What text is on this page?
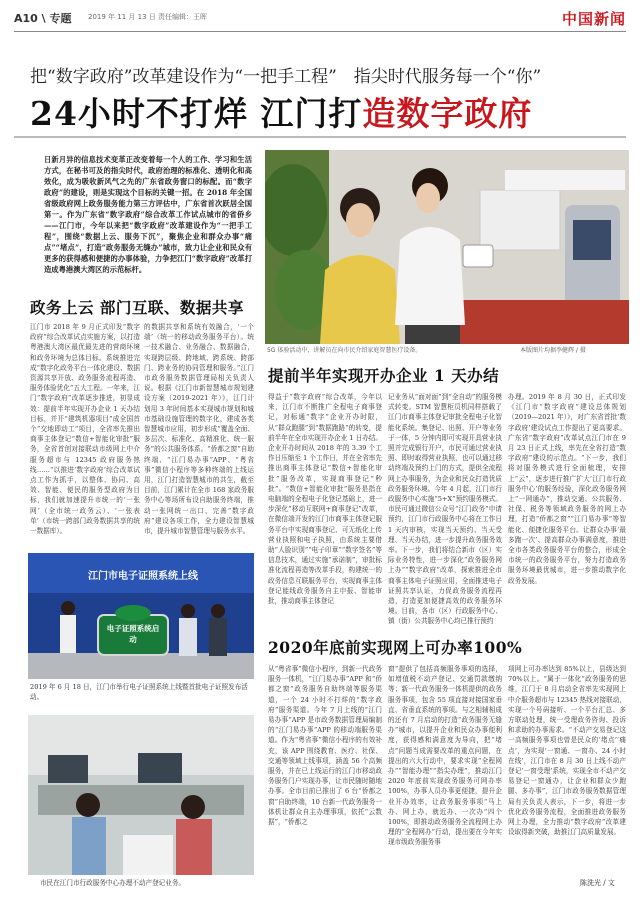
A10 \ 专题 2019 年 11 月 13 日 责任编辑：王晖	中国新闻
把“数字政府”改革建设作为“一把手工程”　指尖时代服务每一个“你”
24小时不打烊 江门打造数字政府
日新月异的信息技术变革正改变着每一个人的工作、学习和生活方式，在秘书可及的指尖时代，政府治理的标准化、透明化和高效化，成为吸收新风气之先的广东省政务窗口的标配。而“数字政府”的建设，则是实现这个目标的关键一招。在 2018 年全国省级政府网上政务服务能力第三方评估中，广东省首次跃居全国第一。作为广东省“数字政府”综合改革工作试点城市的省侨乡——江门市，今年以来把“数字政府”改革建设作为“一把手工程”，围绕“数据上云、服务下沉”，聚焦企业和群众办事“痛点”“堵点”，打造“政务服务无缝办”城市，致力让企业和民众有更多的获得感和便捷的办事体验，力争把江门“数字政府”改革打造成粤港澳大湾区的示范标杆。
5G 体验活动中，讲解员在向市民介绍家庭智慧医疗设备。	本版图片均据李健辉 / 摄
政务上云 部门互联、数据共享
江门市 2018 年 9 月正式印发“数字政府”综合改革试点实施方案，以打造粤港澳大湾区最优最先进的营商环境和政务环境为总体目标。系统推进完成“数字化政务平台一体化建设、数据资源共享开放、政务服务流程再造、服务体验优化”五大工程。一年来，江门“数字政府”改革逐步推进，初显成效：提前半年实现开办企业 1 天办结目标，并开“建筑机器项目”成全国首个“交地即动工”项目，全省率先推出商事主体登记“数信+智能化审批”服务，全省首创对接联动市级网上中介服务超市与 12345 政府服务热线……“以推进‘数字政府’综合改革试点工作为抓手，以整体、协同、高效、智能、便民的服务型政府为目标，我们就加速提升市统一的‘一张网’（全市统一政务云）、‘一张表单’（市统一跨部门政务数据共享的统一数据库）。
的数据共享和系统有效融合，‘一个端’（统一的移动政务服务平台）。统一技术融合、业务融合、数据融合，实现跨层级、跨地域、跨系统、跨部门、跨业务的协同管理和服务。”江门市政务服务数据管理局相关负责人说。根据《江门市新智慧城市规划建设方案（2019-2021 年）》，江门计划用 3 年时间基本实现城市规划和城市基础设施管理的数字化，建成各类智慧城市应用，初步形成“覆盖全面、多层次、标准化、高精准化、统一服务”的公共服务体系。“侨都之窗”自助终端、“江门易办事”APP、“粤省事”微信小程序等多种终端的上线运用，江门打造智慧城市的共生，截至目前，江门累计在全市 168 家政务服务中心等场所布设自助服务终端，推动一张网统一出口、完善“数字政府”建设各项工作，全力建设智慧城市，提升城市智慧管理与服务水平。
江门市电子证照系统上线
电子证照系统启动
2019 年 6 月 18 日，江门市举行电子证照系统上线暨首批电子证照发布活动。
市民在江门市行政服务中心办理不动产登记业务。
提前半年实现开办企业 1 天办结
得益于“数字政府”综合改革，今年以来，江门市不断推广全程电子商事登记，对标通“数字”企业开办时限，从“群众跑腿”到“数据跑路”的转变，提前半年在全市实现开办企业 1 日办结。企业开办时间从 2018 年的 3.39 个工作日压缩至 1 个工作日，并在全省率先推出商事主体登记“数信+智能化审批”服务改革，实现商事登记“秒批”。“数信+智能化审批”服务是指在电脑端的全程电子化登记基础上，进一步深化“移动互联网+商事登记”改革，在微信端开发的江门市商事主体登记服务平台中实现商事登记、可无纸化上传营业执照和电子执照，由系统主要借助“人脸识别”“电子印章”“数字签名”等信息技术，通过实施“承诺制”，审批标准化流程再造等改革手段，构建统一的政务信息互联服务平台，实现商事主体登记能线政务服务自主申报、智能审批，推动商事主体登记
记业务从“面对面”到“全自动”的服务模式转变。STM 智慧柜员机同样搭载了江门市商事主体登记审批全程电子化智能化系统。集登记、出照、开户等业务于一体，5 分钟内即可实现开具营业执照并完成银行开户，市民可通过营业执照、即时取得营业执照，也可以通过移动终端及预约上门的方式，提供全流程网上办事服务，为企业和民众打造优质政务服务环境。今年 4 月起，江门市行政服务中心实施“5+X”预约服务模式。市民可通过微信公众号“江门政务”申请预约，江门市行政服务中心将在工作日 1 天内审核，实现当天预约、当天受理、当天办结，进一步提升政务服务效率。下一步，我们将结合新市（区）实际业务特性，进一步深化“政务服务网上办”“数字政府”改革，探索推进全市商事主体电子证照应用，全面推进电子证照共享认证，力促政务服务流程再造，打造更加便捷高效的政务服务环境。目前，各市（区）行政服务中心、镇（街）公共服务中心均已推行预约
办理。2019 年 8 月 30 日，正式印发《江门市“数字政府”建设总体规划（2019—2021 年）》，对广东省首批‘数字政府’建设试点工作提出了更高要求。广东省“数字政府”改革试点江门市在 9 月 23 日正式上线，率先在全省打造“数字政府”建设的示范点。“下一步，我们将对服务模式进行全面梳理，安排上“云”，逐步进行推广扩大‘江门市行政服务中心’的服务经验，深化政务服务网上“一网通办”，推动交通、公共服务、社保、税务等领域政务服务的网上办理，打造“侨都之窗”“江门易办事”等智能化、便捷化服务平台。让群众办事‘最多跑一次’、提高群众办事满意度，推进全市各类政务服务平台的整合，形成全市统一的政务服务平台，努力打造政务服务环境最优城市，进一步推动数字化政务发展。
2020年底前实现网上可办率100%
从“粤省事”微信小程序，到新一代政务服务一体机，“江门易办事”APP 和“侨都之窗”政务服务自助终端等服务渠道，一个 24 小时不打烊的“数字政府”服务渠道。今年 7 月上线的“江门易办事”APP 是市政务数据管理局编制的“江门易办事”APP 的移动端服务渠道。作为“粤省事”微信小程序的有效补充，该 APP 围绕教育、医疗、社保、交通等领域上线事项，涵盖 56 个高频服务，并在已上线运行的江门市移动政务服务门户实现办事，让市民随时随地办事。全市目前已推出了 6 台“侨都之窗”自助终端，10 台新一代政务服务一体机让群众自主办理事项，依托“云数据”，“侨都之
窗”提供了包括高频服务事项的选择，如增值税不动产登记、交通罚款缴纳等；新一代政务服务一体机提供的政务服务事项，包含 55 项直接对接国家垂直、省垂直系统的事项。与之相辅相成的还有 7 月启动的打造“政务服务无缝办”城市，以提升企业和民众办事便利度，获得感和满意度为导向，把“堵点”问题当成需要改革的重点问题，在提出的六大行动中，要求实现“全程网办”“智能办理”“指尖办理”，推动江门 2020 年底前实现政务服务可网办率100%，办事人员办事更便捷，提升企业开办效率，让政务服务事项“马上办、网上办、就近办、一次办”四个 100%，即推动政务服务全流程网上办理的“全程网办”行动，提出要在今年实现市级政务服务事
项网上可办率达到 85%以上，县级达到 70%以上。“属于一体化”政务服务的思维，江门于 8 月启动全省率先实现网上中介服务超市与 12345 热线对接联动，实现一个号码接听、一个平台汇总、多方联动处理，统一受理政务咨询、投诉和求助的办事需求。“不动产交易登记这一高频服务事项也曾是民众的‘堵点’‘痛点’，为实现‘一窗通、一窗办、24 小时在线’，江门市在 8 月 30 日上线不动产登记‘一窗受理’系统，实现全市不动产交易登记一窗通办，让企业和群众少跑腿、多办事”，江门市政务服务数据管理局有关负责人表示，下一步，将进一步优化政务服务流程，全面推进政务服务网上办理，全力推动“数字政府”改革建设取得新突破，助推江门高质量发展。
陈洗光 / 文
